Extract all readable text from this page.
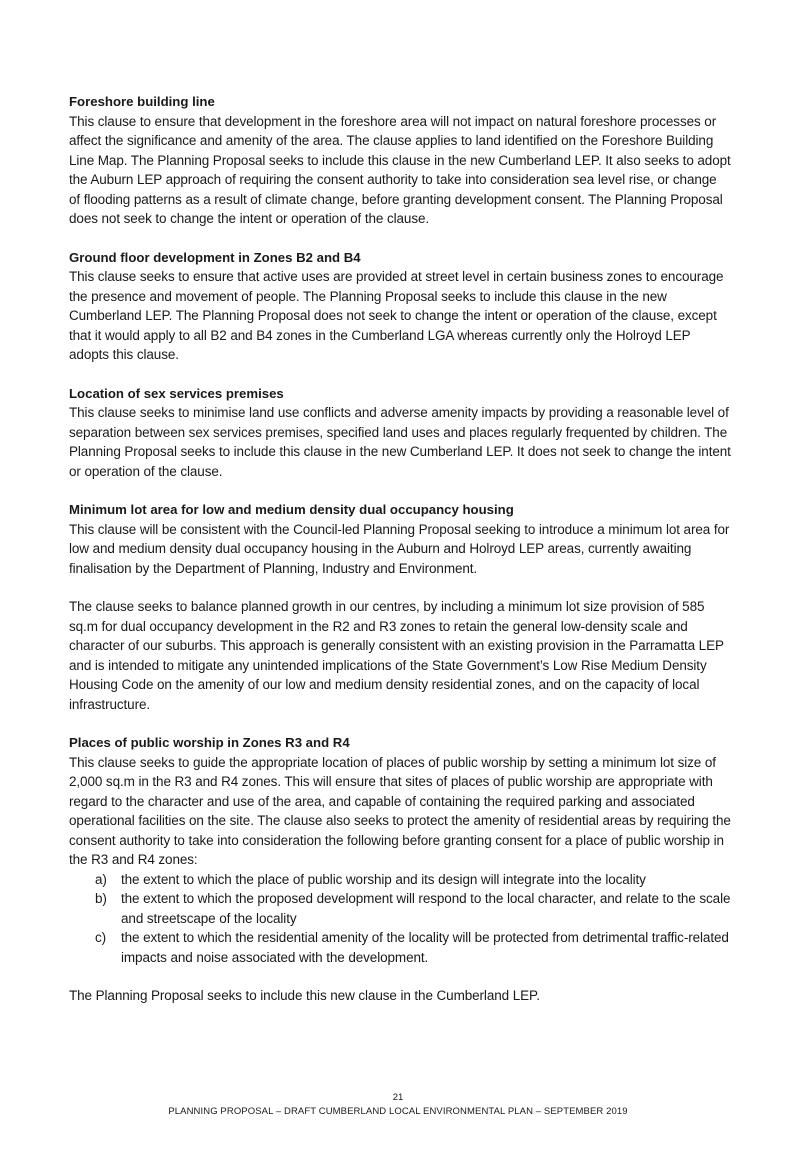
Foreshore building line

This clause to ensure that development in the foreshore area will not impact on natural foreshore processes or affect the significance and amenity of the area. The clause applies to land identified on the Foreshore Building Line Map. The Planning Proposal seeks to include this clause in the new Cumberland LEP. It also seeks to adopt the Auburn LEP approach of requiring the consent authority to take into consideration sea level rise, or change of flooding patterns as a result of climate change, before granting development consent. The Planning Proposal does not seek to change the intent or operation of the clause.

Ground floor development in Zones B2 and B4

This clause seeks to ensure that active uses are provided at street level in certain business zones to encourage the presence and movement of people. The Planning Proposal seeks to include this clause in the new Cumberland LEP. The Planning Proposal does not seek to change the intent or operation of the clause, except that it would apply to all B2 and B4 zones in the Cumberland LGA whereas currently only the Holroyd LEP adopts this clause.

Location of sex services premises

This clause seeks to minimise land use conflicts and adverse amenity impacts by providing a reasonable level of separation between sex services premises, specified land uses and places regularly frequented by children. The Planning Proposal seeks to include this clause in the new Cumberland LEP. It does not seek to change the intent or operation of the clause.

Minimum lot area for low and medium density dual occupancy housing

This clause will be consistent with the Council-led Planning Proposal seeking to introduce a minimum lot area for low and medium density dual occupancy housing in the Auburn and Holroyd LEP areas, currently awaiting finalisation by the Department of Planning, Industry and Environment.

The clause seeks to balance planned growth in our centres, by including a minimum lot size provision of 585 sq.m for dual occupancy development in the R2 and R3 zones to retain the general low-density scale and character of our suburbs. This approach is generally consistent with an existing provision in the Parramatta LEP and is intended to mitigate any unintended implications of the State Government’s Low Rise Medium Density Housing Code on the amenity of our low and medium density residential zones, and on the capacity of local infrastructure.

Places of public worship in Zones R3 and R4

This clause seeks to guide the appropriate location of places of public worship by setting a minimum lot size of 2,000 sq.m in the R3 and R4 zones. This will ensure that sites of places of public worship are appropriate with regard to the character and use of the area, and capable of containing the required parking and associated operational facilities on the site. The clause also seeks to protect the amenity of residential areas by requiring the consent authority to take into consideration the following before granting consent for a place of public worship in the R3 and R4 zones:

a) the extent to which the place of public worship and its design will integrate into the locality
b) the extent to which the proposed development will respond to the local character, and relate to the scale and streetscape of the locality
c) the extent to which the residential amenity of the locality will be protected from detrimental traffic-related impacts and noise associated with the development.

The Planning Proposal seeks to include this new clause in the Cumberland LEP.

21
PLANNING PROPOSAL – DRAFT CUMBERLAND LOCAL ENVIRONMENTAL PLAN – SEPTEMBER 2019
